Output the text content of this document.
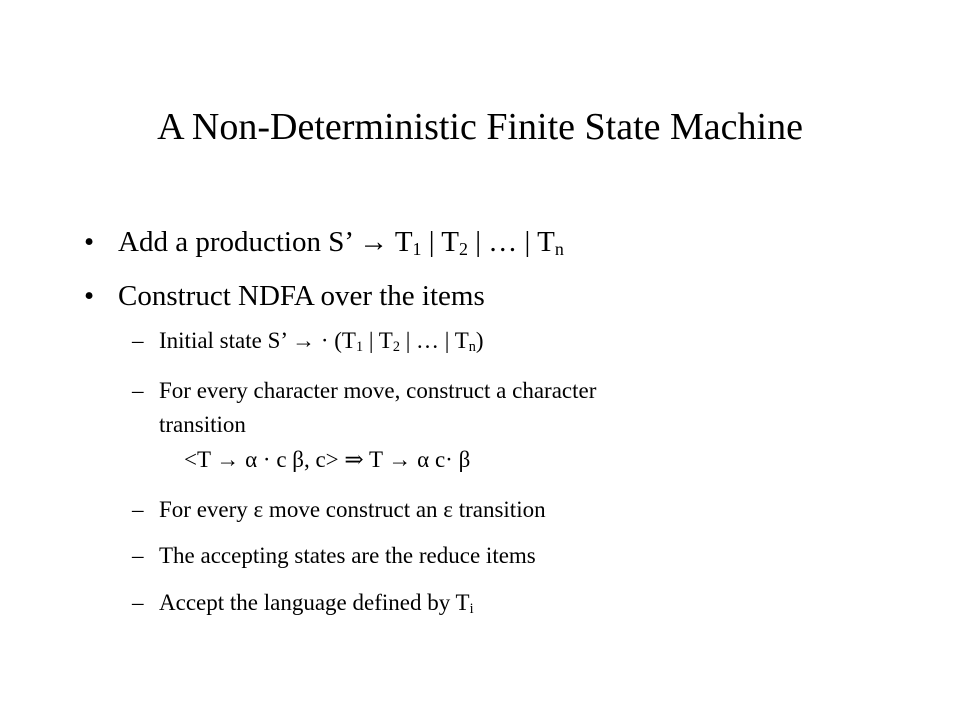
A Non-Deterministic Finite State Machine
• Add a production S’ → $T_1$ | $T_2$ | … | $T_n$
• Construct NDFA over the items
– Initial state S’ → · ($T_1$ | $T_2$ | … | $T_n$)
– For every character move, construct a character
transition
<T → α · c β, c> ⇒ T → α c· β
– For every ε move construct an ε transition
– The accepting states are the reduce items
– Accept the language defined by $T_i$
